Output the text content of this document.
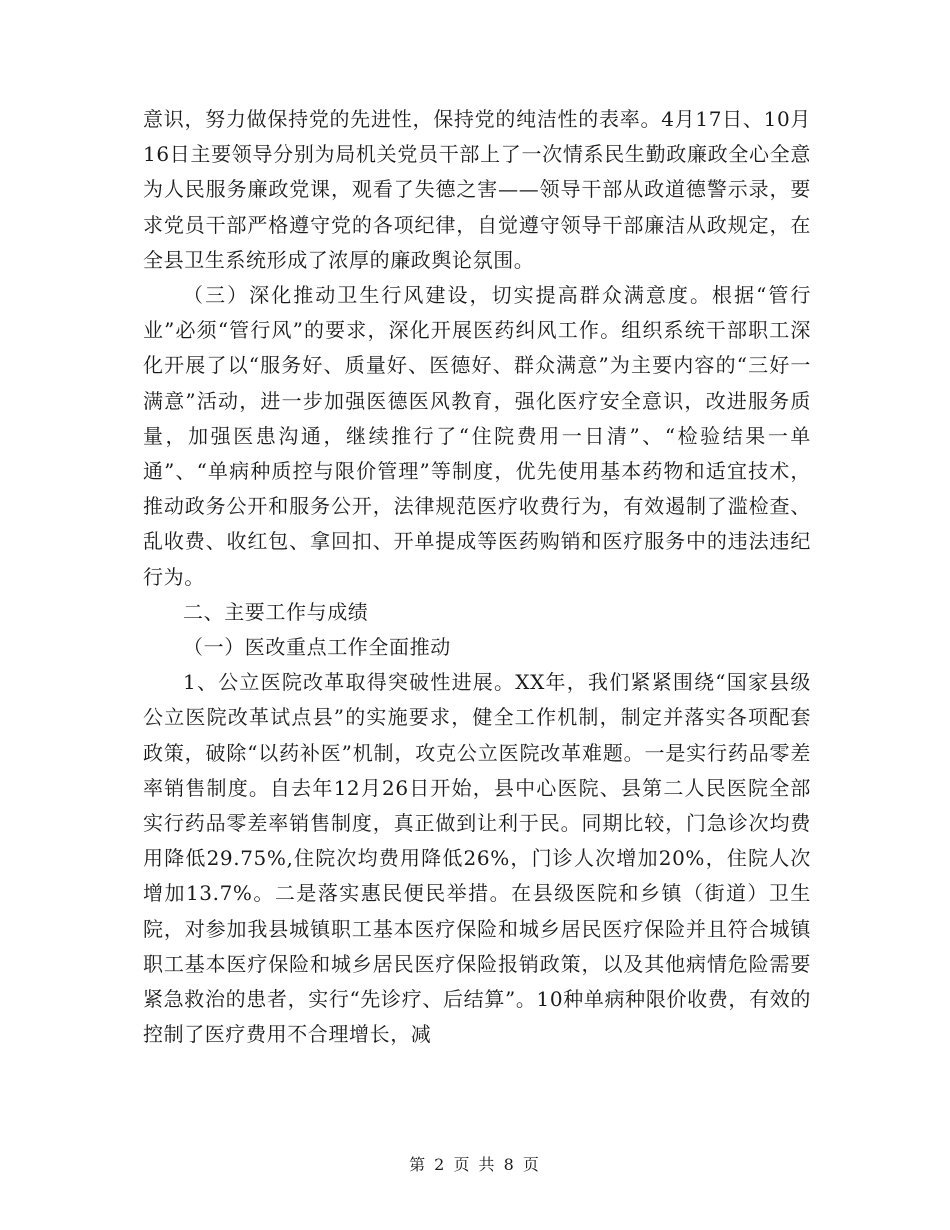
意识，努力做保持党的先进性，保持党的纯洁性的表率。4月17日、10月16日主要领导分别为局机关党员干部上了一次情系民生勤政廉政全心全意为人民服务廉政党课，观看了失德之害——领导干部从政道德警示录，要求党员干部严格遵守党的各项纪律，自觉遵守领导干部廉洁从政规定，在全县卫生系统形成了浓厚的廉政舆论氛围。

（三）深化推动卫生行风建设，切实提高群众满意度。根据“管行业”必须“管行风”的要求，深化开展医药纠风工作。组织系统干部职工深化开展了以“服务好、质量好、医德好、群众满意”为主要内容的“三好一满意”活动，进一步加强医德医风教育，强化医疗安全意识，改进服务质量，加强医患沟通，继续推行了“住院费用一日清”、“检验结果一单通”、“单病种质控与限价管理”等制度，优先使用基本药物和适宜技术，推动政务公开和服务公开，法律规范医疗收费行为，有效遏制了滥检查、乱收费、收红包、拿回扣、开单提成等医药购销和医疗服务中的违法违纪行为。

二、主要工作与成绩

（一）医改重点工作全面推动

1、公立医院改革取得突破性进展。XX年，我们紧紧围绕“国家县级公立医院改革试点县”的实施要求，健全工作机制，制定并落实各项配套政策，破除“以药补医”机制，攻克公立医院改革难题。一是实行药品零差率销售制度。自去年12月26日开始，县中心医院、县第二人民医院全部实行药品零差率销售制度，真正做到让利于民。同期比较，门急诊次均费用降低29.75%,住院次均费用降低26%，门诊人次增加20%，住院人次增加13.7%。二是落实惠民便民举措。在县级医院和乡镇（街道）卫生院，对参加我县城镇职工基本医疗保险和城乡居民医疗保险并且符合城镇职工基本医疗保险和城乡居民医疗保险报销政策，以及其他病情危险需要紧急救治的患者，实行“先诊疗、后结算”。10种单病种限价收费，有效的控制了医疗费用不合理增长，减

第 2 页 共 8 页
